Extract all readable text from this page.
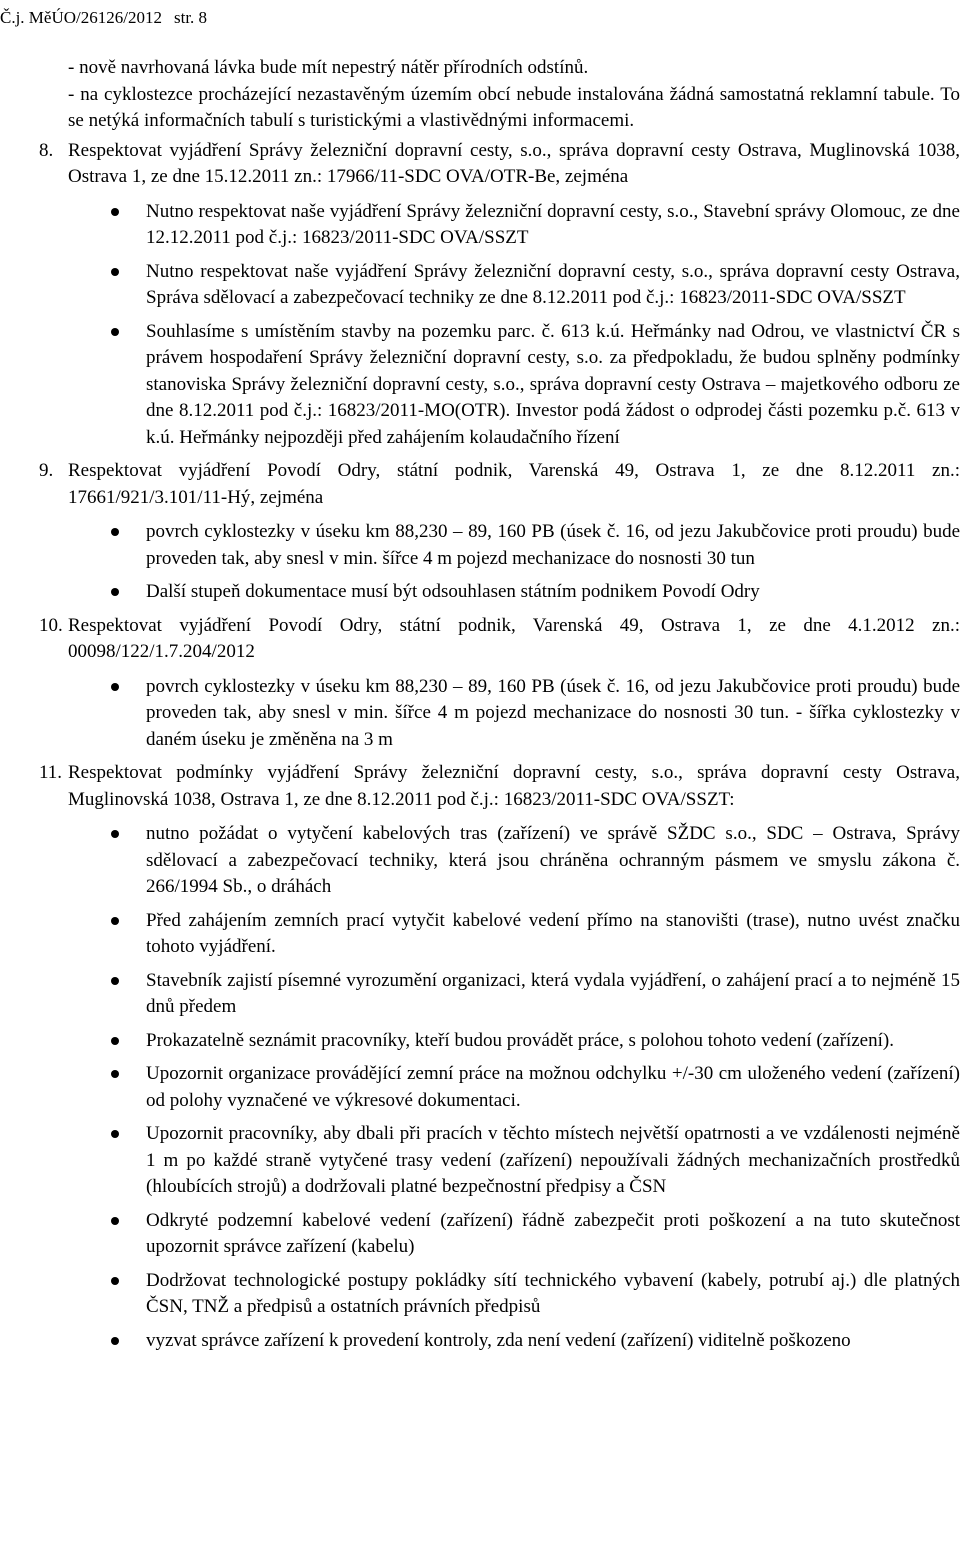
Č.j. MěÚO/26126/2012 str. 8

- nově navrhovaná lávka bude mít nepestrý nátěr přírodních odstínů.

- na cyklostezce procházející nezastavěným územím obcí nebude instalována žádná samostatná reklamní tabule. To se netýká informačních tabulí s turistickými a vlastivědnými informacemi.

8. Respektovat vyjádření Správy železniční dopravní cesty, s.o., správa dopravní cesty Ostrava, Muglinovská 1038, Ostrava 1, ze dne 15.12.2011 zn.: 17966/11-SDC OVA/OTR-Be, zejména
Nutno respektovat naše vyjádření Správy železniční dopravní cesty, s.o., Stavební správy Olomouc, ze dne 12.12.2011 pod č.j.: 16823/2011-SDC OVA/SSZT
Nutno respektovat naše vyjádření Správy železniční dopravní cesty, s.o., správa dopravní cesty Ostrava, Správa sdělovací a zabezpečovací techniky ze dne 8.12.2011 pod č.j.: 16823/2011-SDC OVA/SSZT
Souhlasíme s umístěním stavby na pozemku parc. č. 613 k.ú. Heřmánky nad Odrou, ve vlastnictví ČR s právem hospodaření Správy železniční dopravní cesty, s.o. za předpokladu, že budou splněny podmínky stanoviska Správy železniční dopravní cesty, s.o., správa dopravní cesty Ostrava – majetkového odboru ze dne 8.12.2011 pod č.j.: 16823/2011-MO(OTR). Investor podá žádost o odprodej části pozemku p.č. 613 v k.ú. Heřmánky nejpozději před zahájením kolaudačního řízení
9. Respektovat vyjádření Povodí Odry, státní podnik, Varenská 49, Ostrava 1, ze dne 8.12.2011 zn.: 17661/921/3.101/11-Hý, zejména
povrch cyklostezky v úseku km 88,230 – 89, 160 PB (úsek č. 16, od jezu Jakubčovice proti proudu) bude proveden tak, aby snesl v min. šířce 4 m pojezd mechanizace do nosnosti 30 tun
Další stupeň dokumentace musí být odsouhlasen státním podnikem Povodí Odry
10. Respektovat vyjádření Povodí Odry, státní podnik, Varenská 49, Ostrava 1, ze dne 4.1.2012 zn.: 00098/122/1.7.204/2012
povrch cyklostezky v úseku km 88,230 – 89, 160 PB (úsek č. 16, od jezu Jakubčovice proti proudu) bude proveden tak, aby snesl v min. šířce 4 m pojezd mechanizace do nosnosti 30 tun. - šířka cyklostezky v daném úseku je změněna na 3 m
11. Respektovat podmínky vyjádření Správy železniční dopravní cesty, s.o., správa dopravní cesty Ostrava, Muglinovská 1038, Ostrava 1, ze dne 8.12.2011 pod č.j.: 16823/2011-SDC OVA/SSZT:
nutno požádat o vytyčení kabelových tras (zařízení) ve správě SŽDC s.o., SDC – Ostrava, Správy sdělovací a zabezpečovací techniky, která jsou chráněna ochranným pásmem ve smyslu zákona č. 266/1994 Sb., o dráhách
Před zahájením zemních prací vytyčit kabelové vedení přímo na stanovišti (trase), nutno uvést značku tohoto vyjádření.
Stavebník zajistí písemné vyrozumění organizaci, která vydala vyjádření, o zahájení prací a to nejméně 15 dnů předem
Prokazatelně seznámit pracovníky, kteří budou provádět práce, s polohou tohoto vedení (zařízení).
Upozornit organizace provádějící zemní práce na možnou odchylku +/-30 cm uloženého vedení (zařízení) od polohy vyznačené ve výkresové dokumentaci.
Upozornit pracovníky, aby dbali při pracích v těchto místech největší opatrnosti a ve vzdálenosti nejméně 1 m po každé straně vytyčené trasy vedení (zařízení) nepoužívali žádných mechanizačních prostředků (hloubících strojů) a dodržovali platné bezpečnostní předpisy a ČSN
Odkryté podzemní kabelové vedení (zařízení) řádně zabezpečit proti poškození a na tuto skutečnost upozornit správce zařízení (kabelu)
Dodržovat technologické postupy pokládky sítí technického vybavení (kabely, potrubí aj.) dle platných ČSN, TNŽ a předpisů a ostatních právních předpisů
vyzvat správce zařízení k provedení kontroly, zda není vedení (zařízení) viditelně poškozeno
